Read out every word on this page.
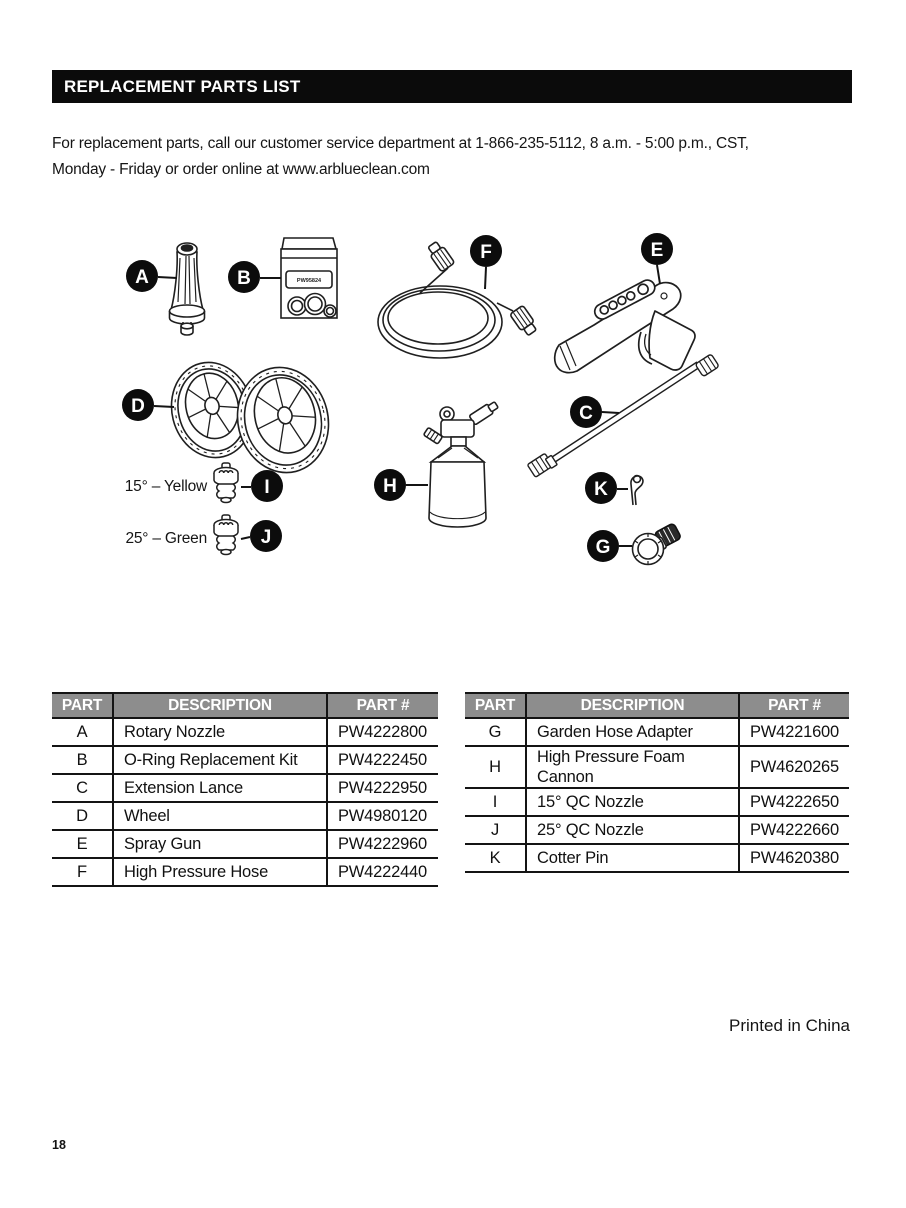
REPLACEMENT PARTS LIST
For replacement parts, call our customer service department at 1-866-235-5112, 8 a.m. - 5:00 p.m., CST,
Monday - Friday or order online at www.arblueclean.com
PW95824
15° – Yellow
25° – Green
A	B
F	E
D	C
I
J
H	K
G
PART	DESCRIPTION	PART #
A	Rotary Nozzle	PW4222800
B	O-Ring Replacement Kit	PW4222450
C	Extension Lance	PW4222950
D	Wheel	PW4980120
E	Spray Gun	PW4222960
F	High Pressure Hose	PW4222440
PART	DESCRIPTION	PART #
G	Garden Hose Adapter	PW4221600
H	High Pressure Foam Cannon	PW4620265
I	15° QC Nozzle	PW4222650
J	25° QC Nozzle	PW4222660
K	Cotter Pin	PW4620380
Printed in China
18
